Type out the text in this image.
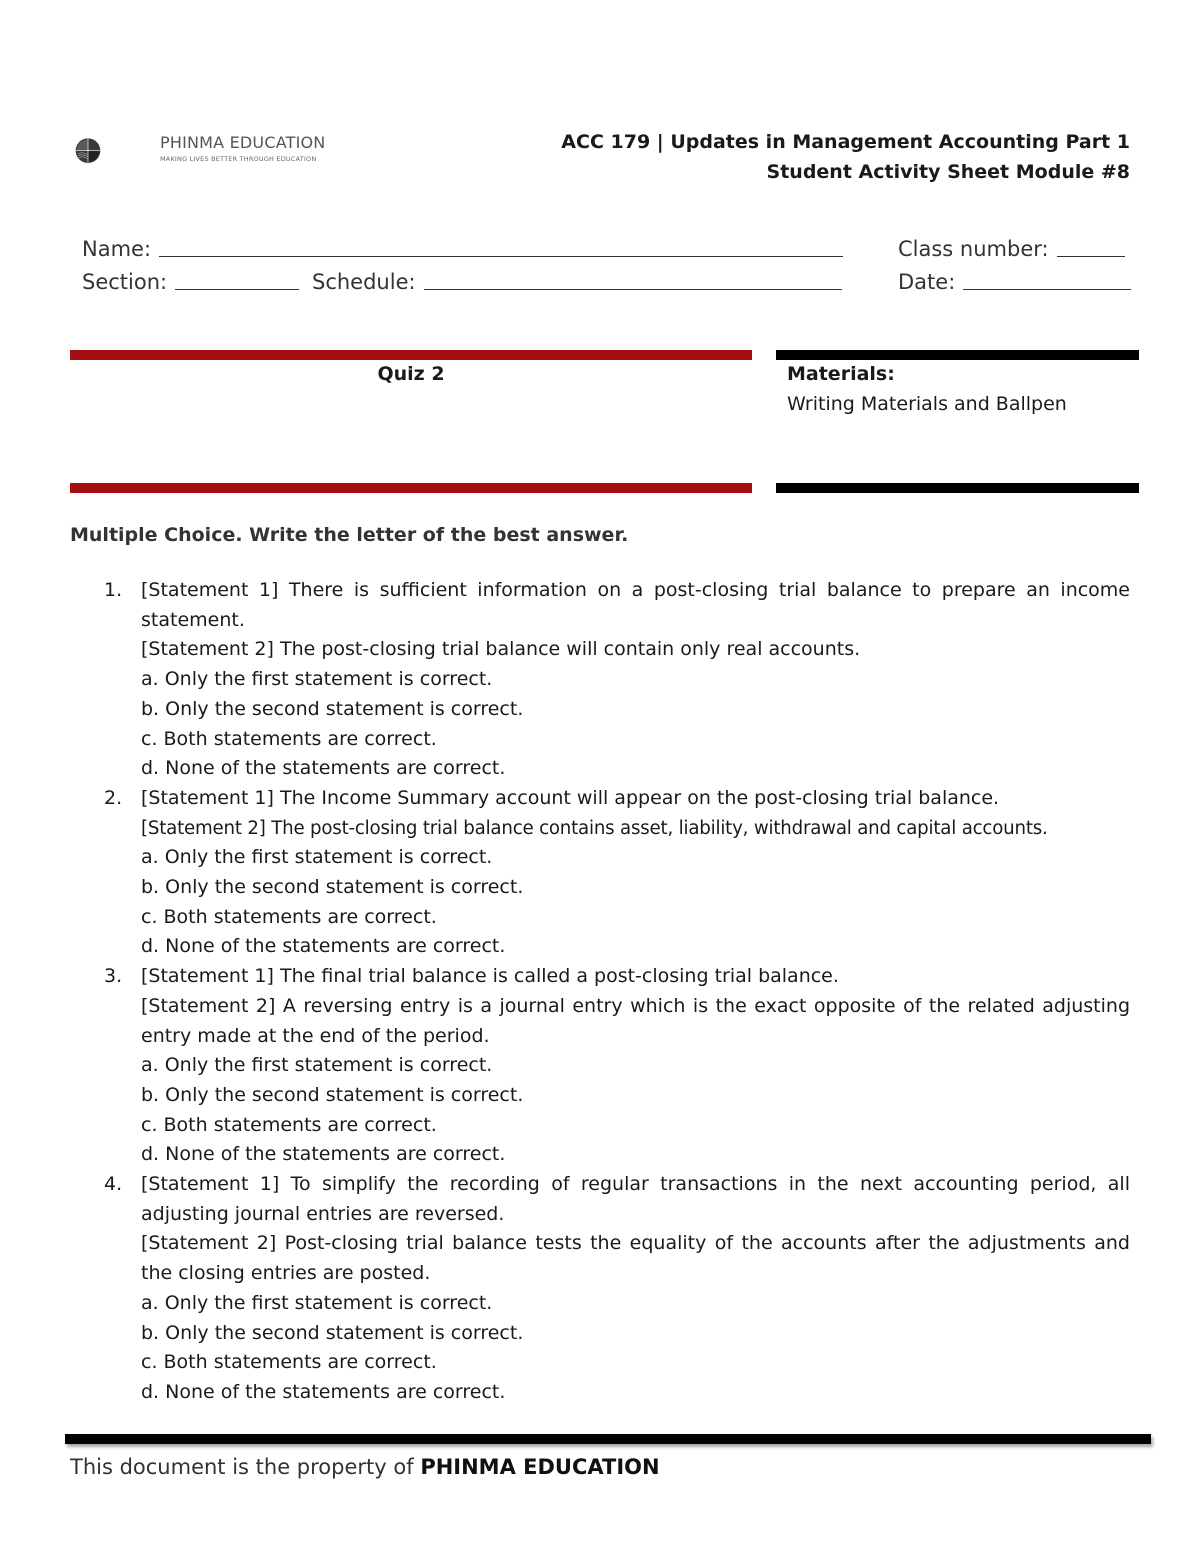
PHINMA EDUCATION
MAKING LIVES BETTER THROUGH EDUCATION
ACC 179 | Updates in Management Accounting Part 1
Student Activity Sheet Module #8
Name:	Class number:
Section:	Schedule:	Date:
Quiz 2	Materials:
Writing Materials and Ballpen
Multiple Choice. Write the letter of the best answer.
1. [Statement 1] There is sufficient information on a post-closing trial balance to prepare an income statement.

[Statement 2] The post-closing trial balance will contain only real accounts.

a. Only the first statement is correct.

b. Only the second statement is correct.

c. Both statements are correct.

d. None of the statements are correct.

2. [Statement 1] The Income Summary account will appear on the post-closing trial balance.

[Statement 2] The post-closing trial balance contains asset, liability, withdrawal and capital accounts.

a. Only the first statement is correct.

b. Only the second statement is correct.

c. Both statements are correct.

d. None of the statements are correct.

3. [Statement 1] The final trial balance is called a post-closing trial balance.

[Statement 2] A reversing entry is a journal entry which is the exact opposite of the related adjusting entry made at the end of the period.

a. Only the first statement is correct.

b. Only the second statement is correct.

c. Both statements are correct.

d. None of the statements are correct.

4. [Statement 1] To simplify the recording of regular transactions in the next accounting period, all adjusting journal entries are reversed.

[Statement 2] Post-closing trial balance tests the equality of the accounts after the adjustments and the closing entries are posted.

a. Only the first statement is correct.

b. Only the second statement is correct.

c. Both statements are correct.

d. None of the statements are correct.

This document is the property of PHINMA EDUCATION
